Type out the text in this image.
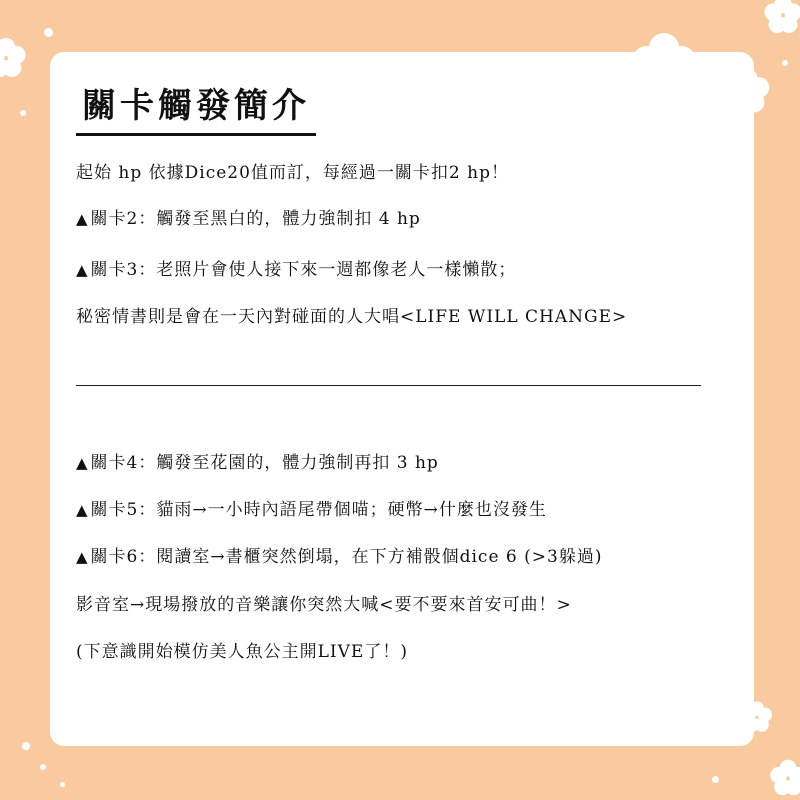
關卡觸發簡介
起始 hp 依據Dice20值而訂，每經過一關卡扣2 hp！
▲ 關卡2：觸發至黑白的，體力強制扣 4 hp
▲ 關卡3：老照片會使人接下來一週都像老人一樣懶散；
秘密情書則是會在一天內對碰面的人大唱<LIFE WILL CHANGE>
▲ 關卡4：觸發至花園的，體力強制再扣 3 hp
▲ 關卡5：貓雨→一小時內語尾帶個喵；硬幣→什麼也沒發生
▲ 關卡6：閱讀室→書櫃突然倒塌，在下方補骰個dice 6 (>3躲過)
影音室→現場撥放的音樂讓你突然大喊<要不要來首安可曲！>
(下意識開始模仿美人魚公主開LIVE了！)
